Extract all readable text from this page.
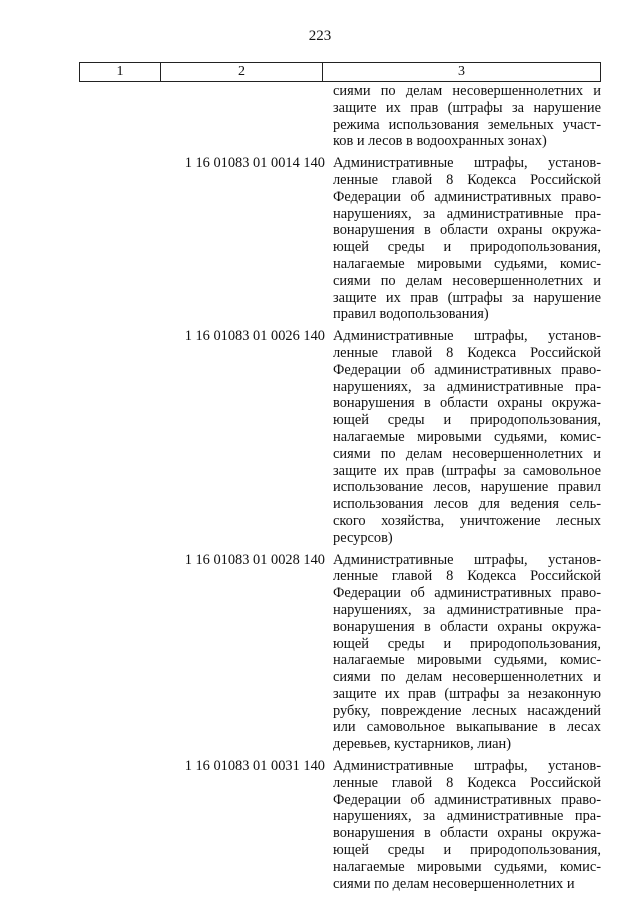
223
1	2	3
сиями по делам несовершеннолетних и
защите их прав (штрафы за нарушение
режима использования земельных участ-
ков и лесов в водоохранных зонах)
1 16 01083 01 0014 140 Административные штрафы, установ-
ленные главой 8 Кодекса Российской
Федерации об административных право-
нарушениях, за административные пра-
вонарушения в области охраны окружа-
ющей среды и природопользования,
налагаемые мировыми судьями, комис-
сиями по делам несовершеннолетних и
защите их прав (штрафы за нарушение
правил водопользования)
1 16 01083 01 0026 140 Административные штрафы, установ-
ленные главой 8 Кодекса Российской
Федерации об административных право-
нарушениях, за административные пра-
вонарушения в области охраны окружа-
ющей среды и природопользования,
налагаемые мировыми судьями, комис-
сиями по делам несовершеннолетних и
защите их прав (штрафы за самовольное
использование лесов, нарушение правил
использования лесов для ведения сель-
ского хозяйства, уничтожение лесных
ресурсов)
1 16 01083 01 0028 140 Административные штрафы, установ-
ленные главой 8 Кодекса Российской
Федерации об административных право-
нарушениях, за административные пра-
вонарушения в области охраны окружа-
ющей среды и природопользования,
налагаемые мировыми судьями, комис-
сиями по делам несовершеннолетних и
защите их прав (штрафы за незаконную
рубку, повреждение лесных насаждений
или самовольное выкапывание в лесах
деревьев, кустарников, лиан)
1 16 01083 01 0031 140 Административные штрафы, установ-
ленные главой 8 Кодекса Российской
Федерации об административных право-
нарушениях, за административные пра-
вонарушения в области охраны окружа-
ющей среды и природопользования,
налагаемые мировыми судьями, комис-
сиями по делам несовершеннолетних и
